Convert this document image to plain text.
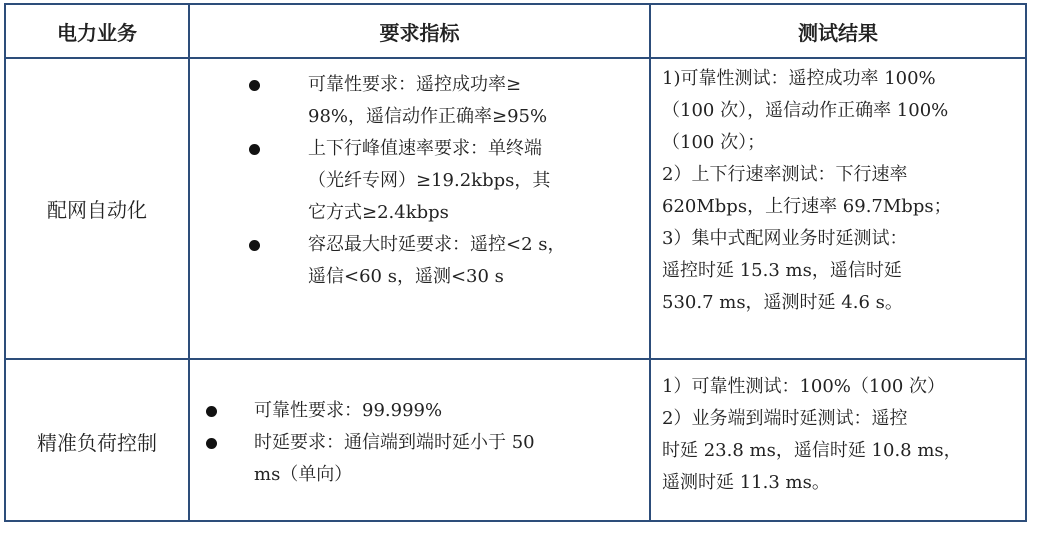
电力业务	要求指标	测试结果
配网自动化
可靠性要求：遥控成功率≥
98%，遥信动作正确率≥95%
上下行峰值速率要求：单终端
（光纤专网）≥19.2kbps，其
它方式≥2.4kbps
容忍最大时延要求：遥控<2 s，
遥信<60 s，遥测<30 s
1)可靠性测试：遥控成功率 100%
（100 次），遥信动作正确率 100%
（100 次）；
2）上下行速率测试：下行速率
620Mbps，上行速率 69.7Mbps；
3）集中式配网业务时延测试：
遥控时延 15.3 ms，遥信时延
530.7 ms，遥测时延 4.6 s。
精准负荷控制
可靠性要求：99.999%
时延要求：通信端到端时延小于 50
ms（单向）
1）可靠性测试：100%（100 次）
2）业务端到端时延测试：遥控
时延 23.8 ms，遥信时延 10.8 ms，
遥测时延 11.3 ms。
